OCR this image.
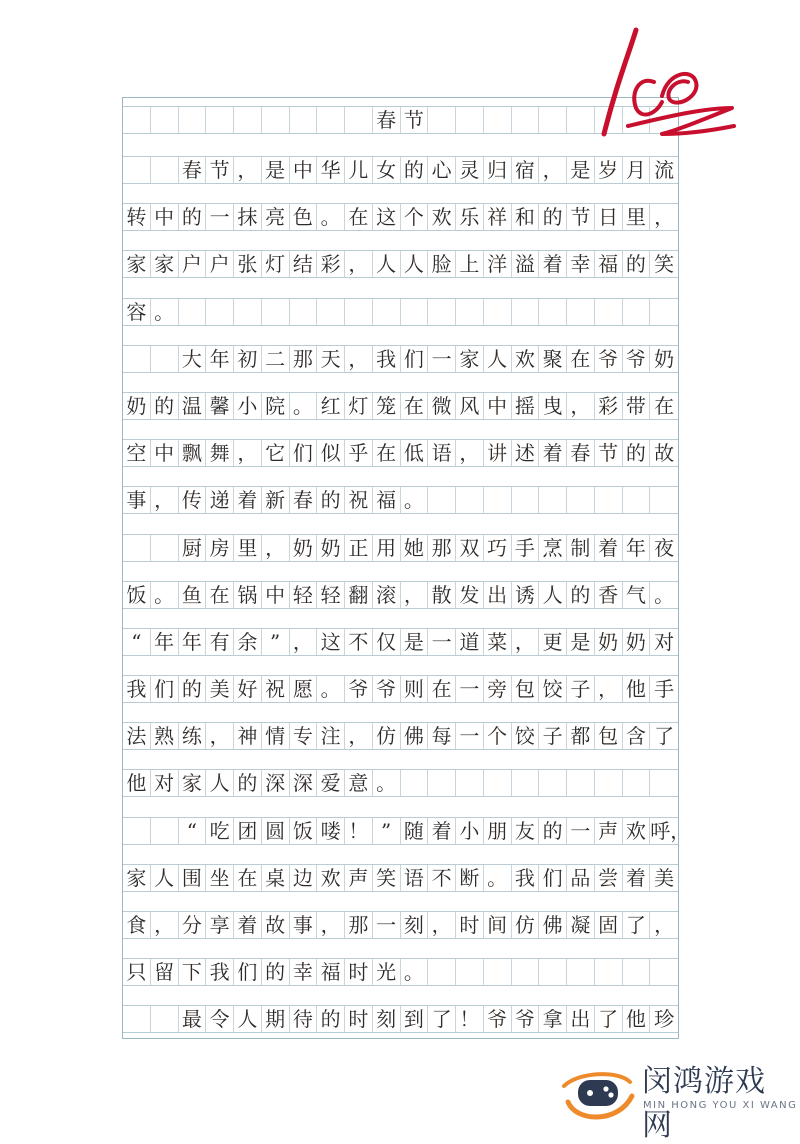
春 节
春 节 ， 是 中 华 儿 女 的 心 灵 归 宿 ， 是 岁 月 流
转 中 的 一 抹 亮 色 。 在 这 个 欢 乐 祥 和 的 节 日 里 ，
家 家 户 户 张 灯 结 彩 ， 人 人 脸 上 洋 溢 着 幸 福 的 笑
容 。
大 年 初 二 那 天 ， 我 们 一 家 人 欢 聚 在 爷 爷 奶
奶 的 温 馨 小 院 。 红 灯 笼 在 微 风 中 摇 曳 ， 彩 带 在
空 中 飘 舞 ， 它 们 似 乎 在 低 语 ， 讲 述 着 春 节 的 故
事 ， 传 递 着 新 春 的 祝 福 。
厨 房 里 ， 奶 奶 正 用 她 那 双 巧 手 烹 制 着 年 夜
饭 。 鱼 在 锅 中 轻 轻 翻 滚 ， 散 发 出 诱 人 的 香 气 。
“ 年 年 有 余 ” ， 这 不 仅 是 一 道 菜 ， 更 是 奶 奶 对
我 们 的 美 好 祝 愿 。 爷 爷 则 在 一 旁 包 饺 子 ， 他 手
法 熟 练 ， 神 情 专 注 ， 仿 佛 每 一 个 饺 子 都 包 含 了
他 对 家 人 的 深 深 爱 意 。
“ 吃 团 圆 饭 喽 ！ ” 随 着 小 朋 友 的 一 声 欢 呼，
家 人 围 坐 在 桌 边 欢 声 笑 语 不 断 。 我 们 品 尝 着 美
食 ， 分 享 着 故 事 ， 那 一 刻 ， 时 间 仿 佛 凝 固 了 ，
只 留 下 我 们 的 幸 福 时 光 。
最 令 人 期 待 的 时 刻 到 了 ！ 爷 爷 拿 出 了 他 珍
闵鸿游戏网
MIN HONG YOU XI WANG
